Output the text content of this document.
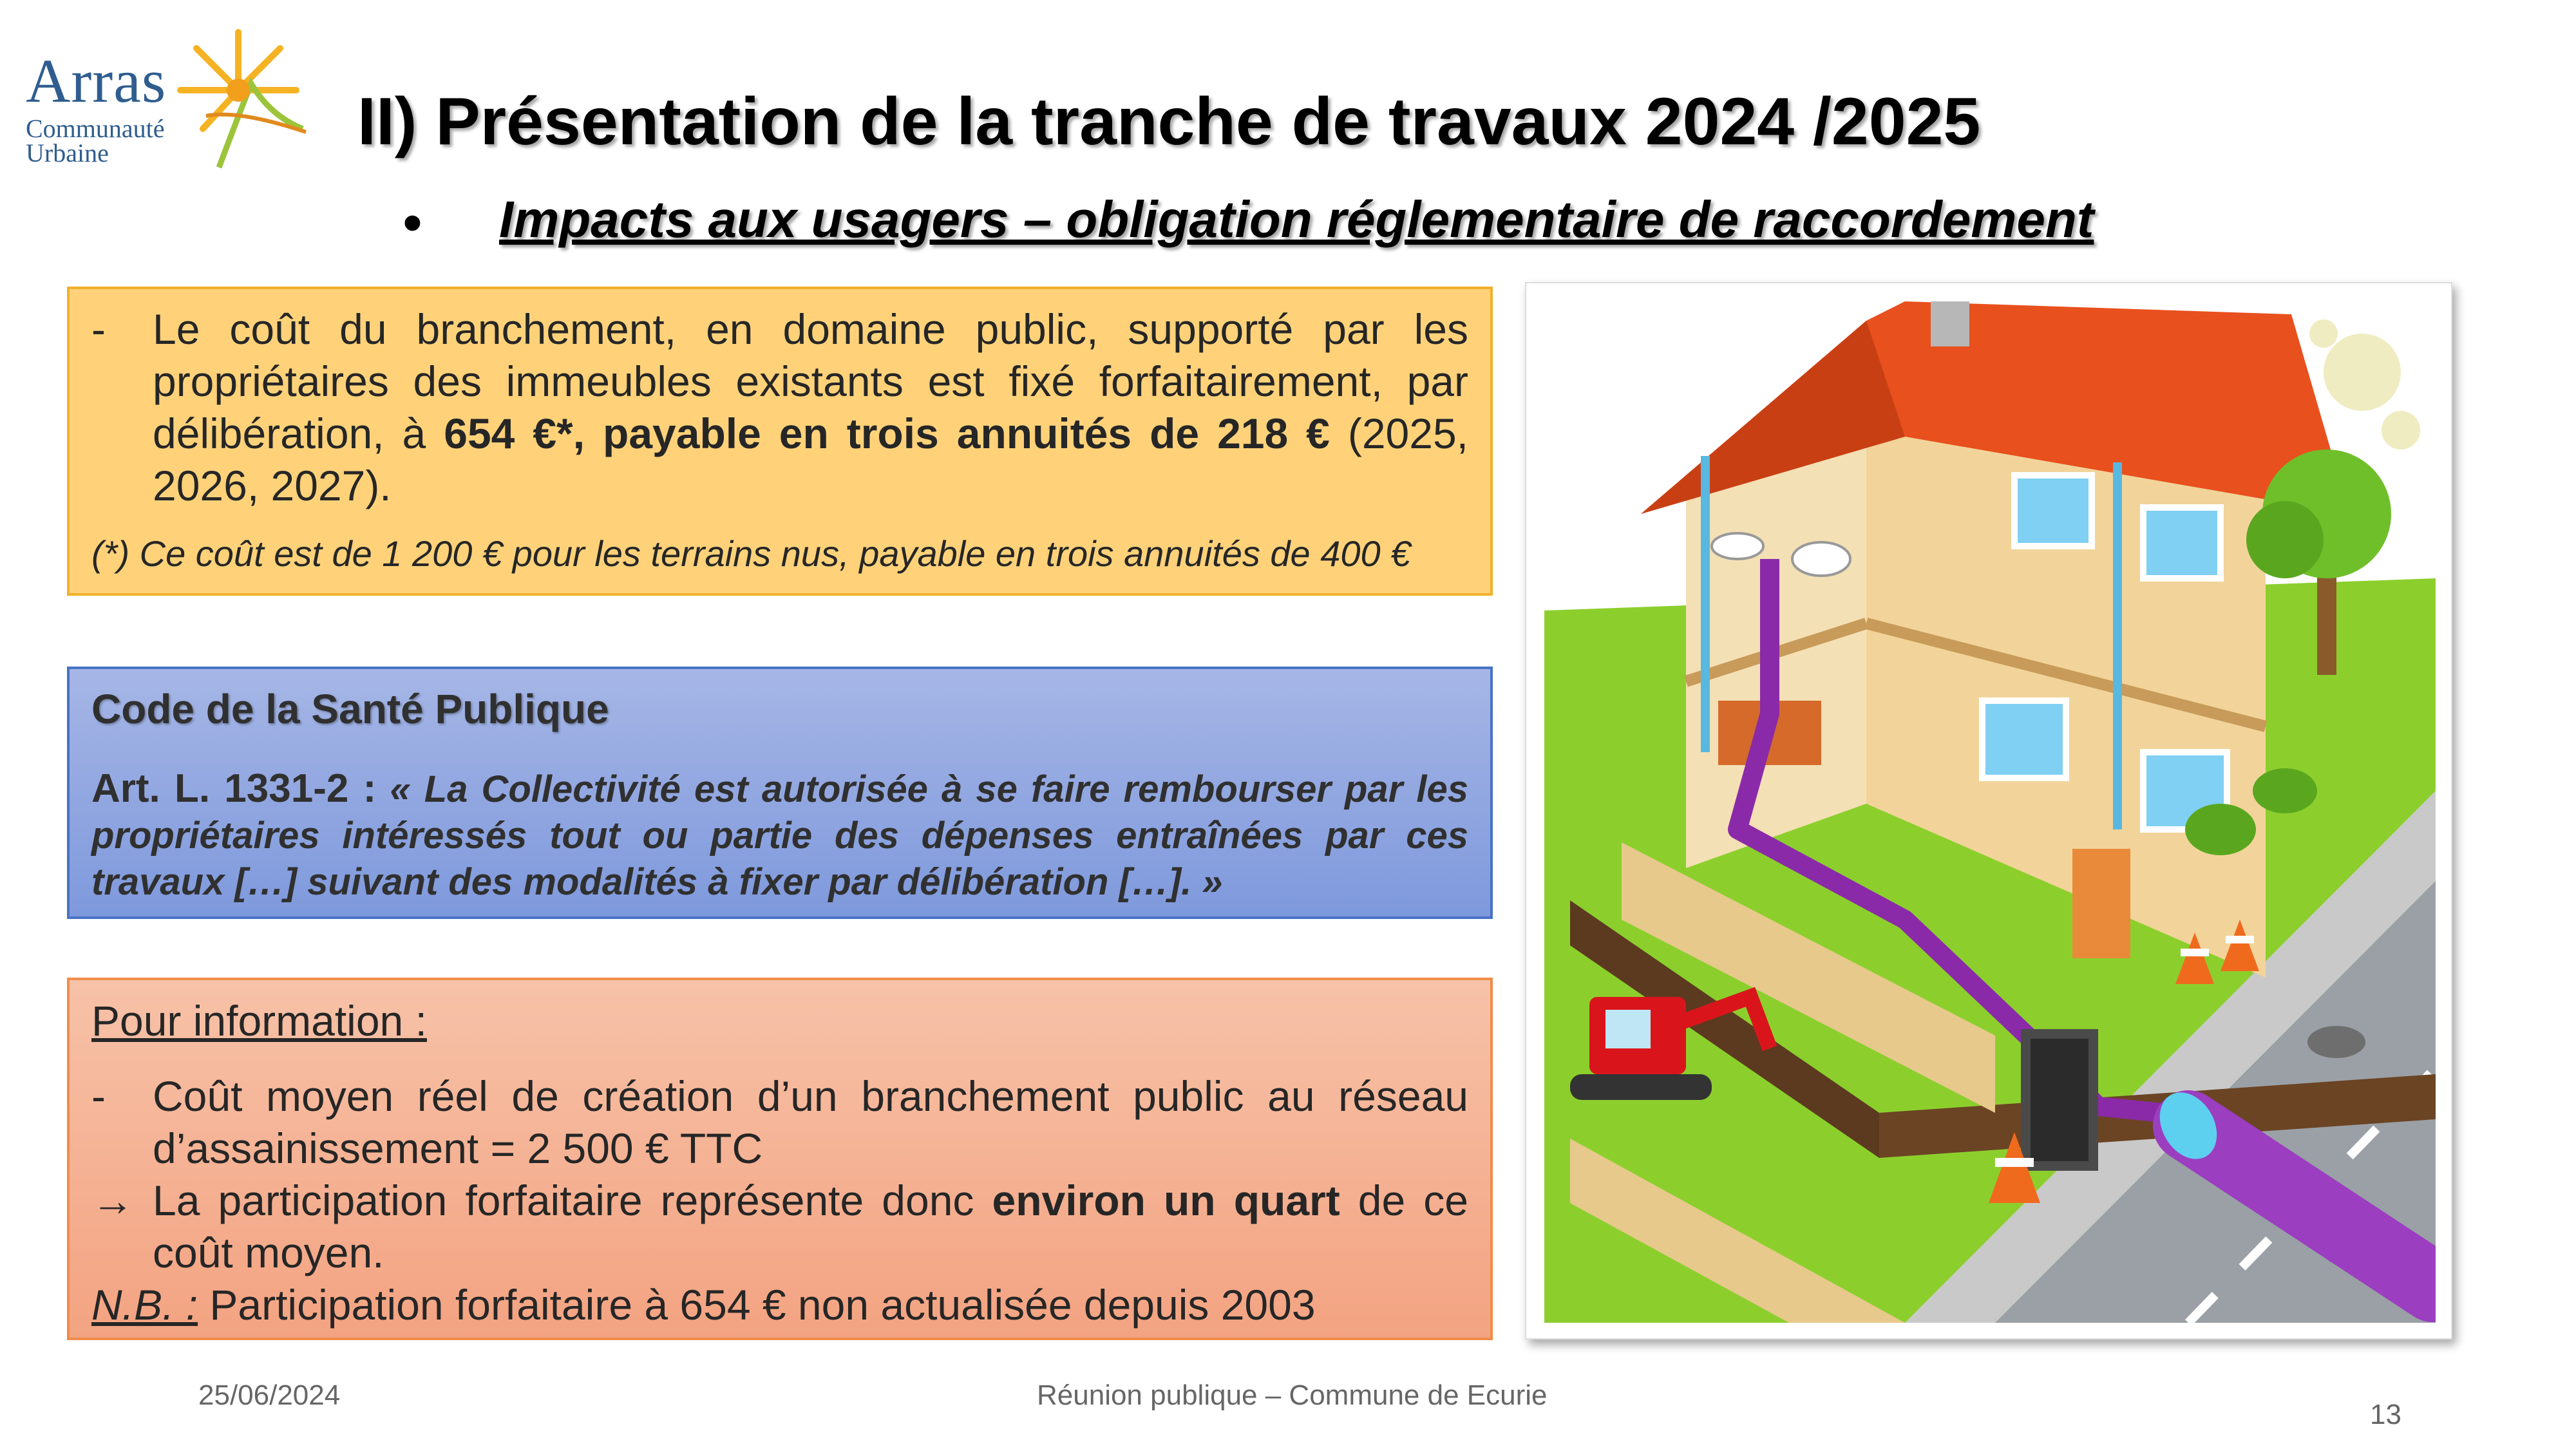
Arras
Communauté
Urbaine	II) Présentation de la tranche de travaux 2024 /2025
• Impacts aux usagers – obligation réglementaire de raccordement
- Le coût du branchement, en domaine public, supporté par les propriétaires des immeubles existants est fixé forfaitairement, par délibération, à 654 €*, payable en trois annuités de 218 € (2025, 2026, 2027).
(*) Ce coût est de 1 200 € pour les terrains nus, payable en trois annuités de 400 €
Code de la Santé Publique
Art. L. 1331-2 : « La Collectivité est autorisée à se faire rembourser par les propriétaires intéressés tout ou partie des dépenses entraînées par ces travaux […] suivant des modalités à fixer par délibération […]. »
Pour information :
- Coût moyen réel de création d’un branchement public au réseau d’assainissement = 2 500 € TTC
→ La participation forfaitaire représente donc environ un quart de ce coût moyen.
N.B. : Participation forfaitaire à 654 € non actualisée depuis 2003
25/06/2024	Réunion publique – Commune de Ecurie
13
